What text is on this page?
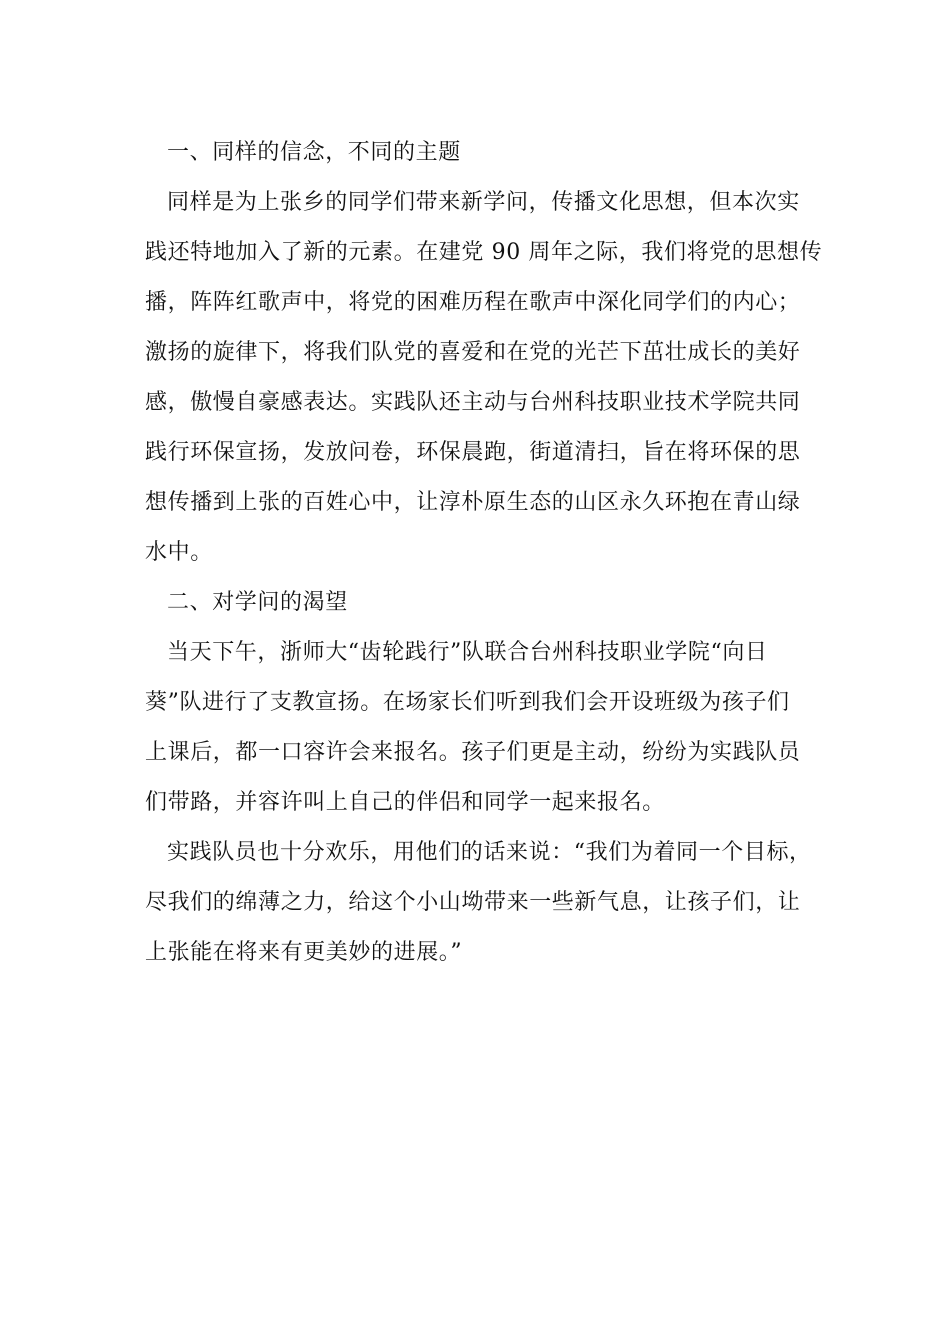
一、同样的信念，不同的主题
同样是为上张乡的同学们带来新学问，传播文化思想，但本次实
践还特地加入了新的元素。在建党 90 周年之际，我们将党的思想传
播，阵阵红歌声中，将党的困难历程在歌声中深化同学们的内心；
激扬的旋律下，将我们队党的喜爱和在党的光芒下茁壮成长的美好
感，傲慢自豪感表达。实践队还主动与台州科技职业技术学院共同
践行环保宣扬，发放问卷，环保晨跑，街道清扫，旨在将环保的思
想传播到上张的百姓心中，让淳朴原生态的山区永久环抱在青山绿
水中。
二、对学问的渴望
当天下午，浙师大“齿轮践行”队联合台州科技职业学院“向日
葵”队进行了支教宣扬。在场家长们听到我们会开设班级为孩子们
上课后，都一口容许会来报名。孩子们更是主动，纷纷为实践队员
们带路，并容许叫上自己的伴侣和同学一起来报名。
实践队员也十分欢乐，用他们的话来说：“我们为着同一个目标，
尽我们的绵薄之力，给这个小山坳带来一些新气息，让孩子们，让
上张能在将来有更美妙的进展。”
